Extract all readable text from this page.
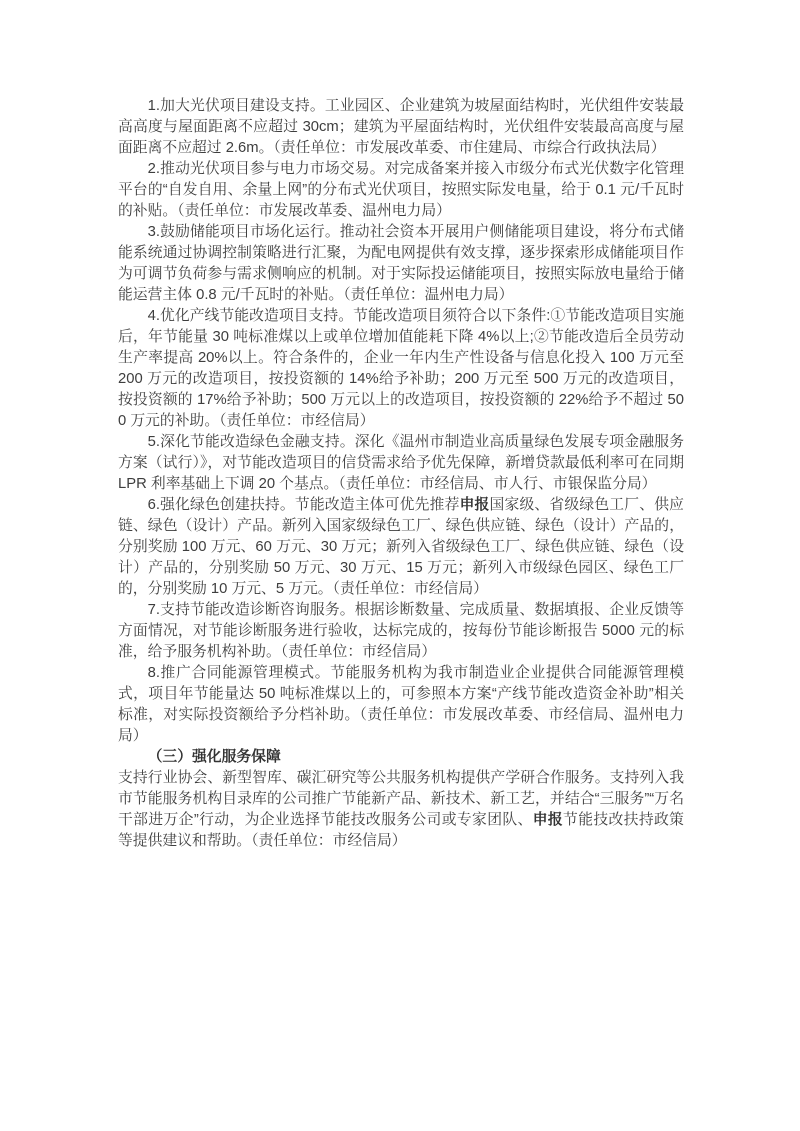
1.加大光伏项目建设支持。工业园区、企业建筑为坡屋面结构时，光伏组件安装最高高度与屋面距离不应超过 30cm；建筑为平屋面结构时，光伏组件安装最高高度与屋面距离不应超过 2.6m。（责任单位：市发展改革委、市住建局、市综合行政执法局）

2.推动光伏项目参与电力市场交易。对完成备案并接入市级分布式光伏数字化管理平台的“自发自用、余量上网”的分布式光伏项目，按照实际发电量，给于 0.1 元/千瓦时的补贴。（责任单位：市发展改革委、温州电力局）

3.鼓励储能项目市场化运行。推动社会资本开展用户侧储能项目建设，将分布式储能系统通过协调控制策略进行汇聚，为配电网提供有效支撑，逐步探索形成储能项目作为可调节负荷参与需求侧响应的机制。对于实际投运储能项目，按照实际放电量给于储能运营主体 0.8 元/千瓦时的补贴。（责任单位：温州电力局）

4.优化产线节能改造项目支持。节能改造项目须符合以下条件:①节能改造项目实施后，年节能量 30 吨标准煤以上或单位增加值能耗下降 4%以上;②节能改造后全员劳动生产率提高 20%以上。符合条件的，企业一年内生产性设备与信息化投入 100 万元至 200 万元的改造项目，按投资额的 14%给予补助；200 万元至 500 万元的改造项目，按投资额的 17%给予补助；500 万元以上的改造项目，按投资额的 22%给予不超过 500 万元的补助。（责任单位：市经信局）

5.深化节能改造绿色金融支持。深化《温州市制造业高质量绿色发展专项金融服务方案（试行）》，对节能改造项目的信贷需求给予优先保障，新增贷款最低利率可在同期 LPR 利率基础上下调 20 个基点。（责任单位：市经信局、市人行、市银保监分局）

6.强化绿色创建扶持。节能改造主体可优先推荐申报国家级、省级绿色工厂、供应链、绿色（设计）产品。新列入国家级绿色工厂、绿色供应链、绿色（设计）产品的，分别奖励 100 万元、60 万元、30 万元；新列入省级绿色工厂、绿色供应链、绿色（设计）产品的，分别奖励 50 万元、30 万元、15 万元；新列入市级绿色园区、绿色工厂的，分别奖励 10 万元、5 万元。（责任单位：市经信局）

7.支持节能改造诊断咨询服务。根据诊断数量、完成质量、数据填报、企业反馈等方面情况，对节能诊断服务进行验收，达标完成的，按每份节能诊断报告 5000 元的标准，给予服务机构补助。（责任单位：市经信局）

8.推广合同能源管理模式。节能服务机构为我市制造业企业提供合同能源管理模式，项目年节能量达 50 吨标准煤以上的，可参照本方案“产线节能改造资金补助”相关标准，对实际投资额给予分档补助。（责任单位：市发展改革委、市经信局、温州电力局）

（三）强化服务保障

支持行业协会、新型智库、碳汇研究等公共服务机构提供产学研合作服务。支持列入我市节能服务机构目录库的公司推广节能新产品、新技术、新工艺，并结合“三服务”“万名干部进万企”行动，为企业选择节能技改服务公司或专家团队、申报节能技改扶持政策等提供建议和帮助。（责任单位：市经信局）
